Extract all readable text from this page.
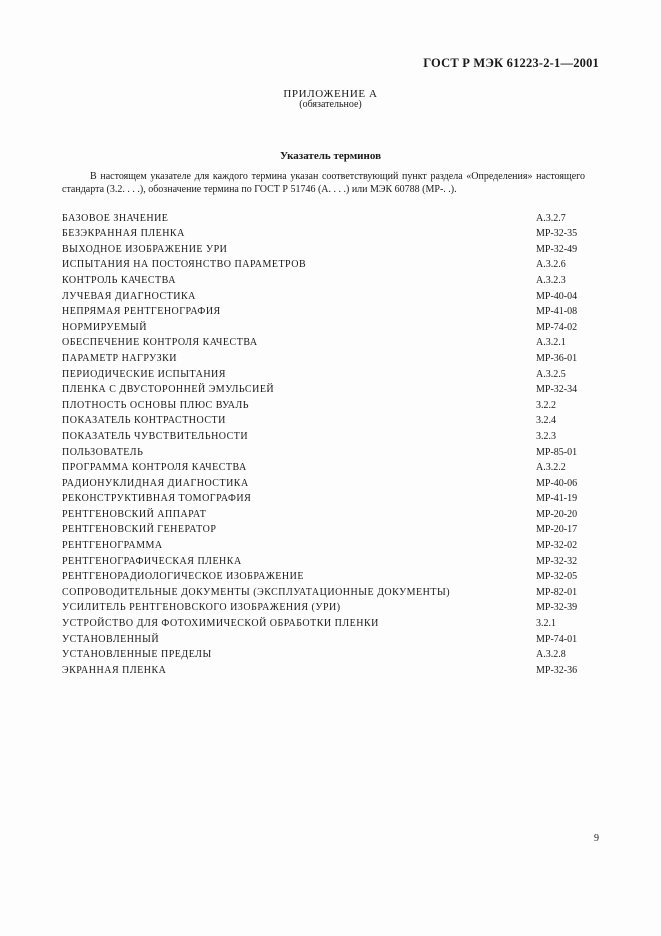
ГОСТ Р МЭК 61223-2-1—2001
ПРИЛОЖЕНИЕ А
(обязательное)
Указатель терминов

В настоящем указателе для каждого термина указан соответствующий пункт раздела «Определения» настоящего стандарта (3.2. . . .), обозначение термина по ГОСТ Р 51746 (А. . . .) или МЭК 60788 (МР-. .).

БАЗОВОЕ ЗНАЧЕНИЕ	А.3.2.7
БЕЗЭКРАННАЯ ПЛЕНКА	МР-32-35
ВЫХОДНОЕ ИЗОБРАЖЕНИЕ УРИ	МР-32-49
ИСПЫТАНИЯ НА ПОСТОЯНСТВО ПАРАМЕТРОВ	А.3.2.6
КОНТРОЛЬ КАЧЕСТВА	А.3.2.3
ЛУЧЕВАЯ ДИАГНОСТИКА	МР-40-04
НЕПРЯМАЯ РЕНТГЕНОГРАФИЯ	МР-41-08
НОРМИРУЕМЫЙ	МР-74-02
ОБЕСПЕЧЕНИЕ КОНТРОЛЯ КАЧЕСТВА	А.3.2.1
ПАРАМЕТР НАГРУЗКИ	МР-36-01
ПЕРИОДИЧЕСКИЕ ИСПЫТАНИЯ	А.3.2.5
ПЛЕНКА С ДВУСТОРОННЕЙ ЭМУЛЬСИЕЙ	МР-32-34
ПЛОТНОСТЬ ОСНОВЫ ПЛЮС ВУАЛЬ	3.2.2
ПОКАЗАТЕЛЬ КОНТРАСТНОСТИ	3.2.4
ПОКАЗАТЕЛЬ ЧУВСТВИТЕЛЬНОСТИ	3.2.3
ПОЛЬЗОВАТЕЛЬ	МР-85-01
ПРОГРАММА КОНТРОЛЯ КАЧЕСТВА	А.3.2.2
РАДИОНУКЛИДНАЯ ДИАГНОСТИКА	МР-40-06
РЕКОНСТРУКТИВНАЯ ТОМОГРАФИЯ	МР-41-19
РЕНТГЕНОВСКИЙ АППАРАТ	МР-20-20
РЕНТГЕНОВСКИЙ ГЕНЕРАТОР	МР-20-17
РЕНТГЕНОГРАММА	МР-32-02
РЕНТГЕНОГРАФИЧЕСКАЯ ПЛЕНКА	МР-32-32
РЕНТГЕНОРАДИОЛОГИЧЕСКОЕ ИЗОБРАЖЕНИЕ	МР-32-05
СОПРОВОДИТЕЛЬНЫЕ ДОКУМЕНТЫ (ЭКСПЛУАТАЦИОННЫЕ ДОКУМЕНТЫ)	МР-82-01
УСИЛИТЕЛЬ РЕНТГЕНОВСКОГО ИЗОБРАЖЕНИЯ (УРИ)	МР-32-39
УСТРОЙСТВО ДЛЯ ФОТОХИМИЧЕСКОЙ ОБРАБОТКИ ПЛЕНКИ	3.2.1
УСТАНОВЛЕННЫЙ	МР-74-01
УСТАНОВЛЕННЫЕ ПРЕДЕЛЫ	А.3.2.8
ЭКРАННАЯ ПЛЕНКА	МР-32-36
9
